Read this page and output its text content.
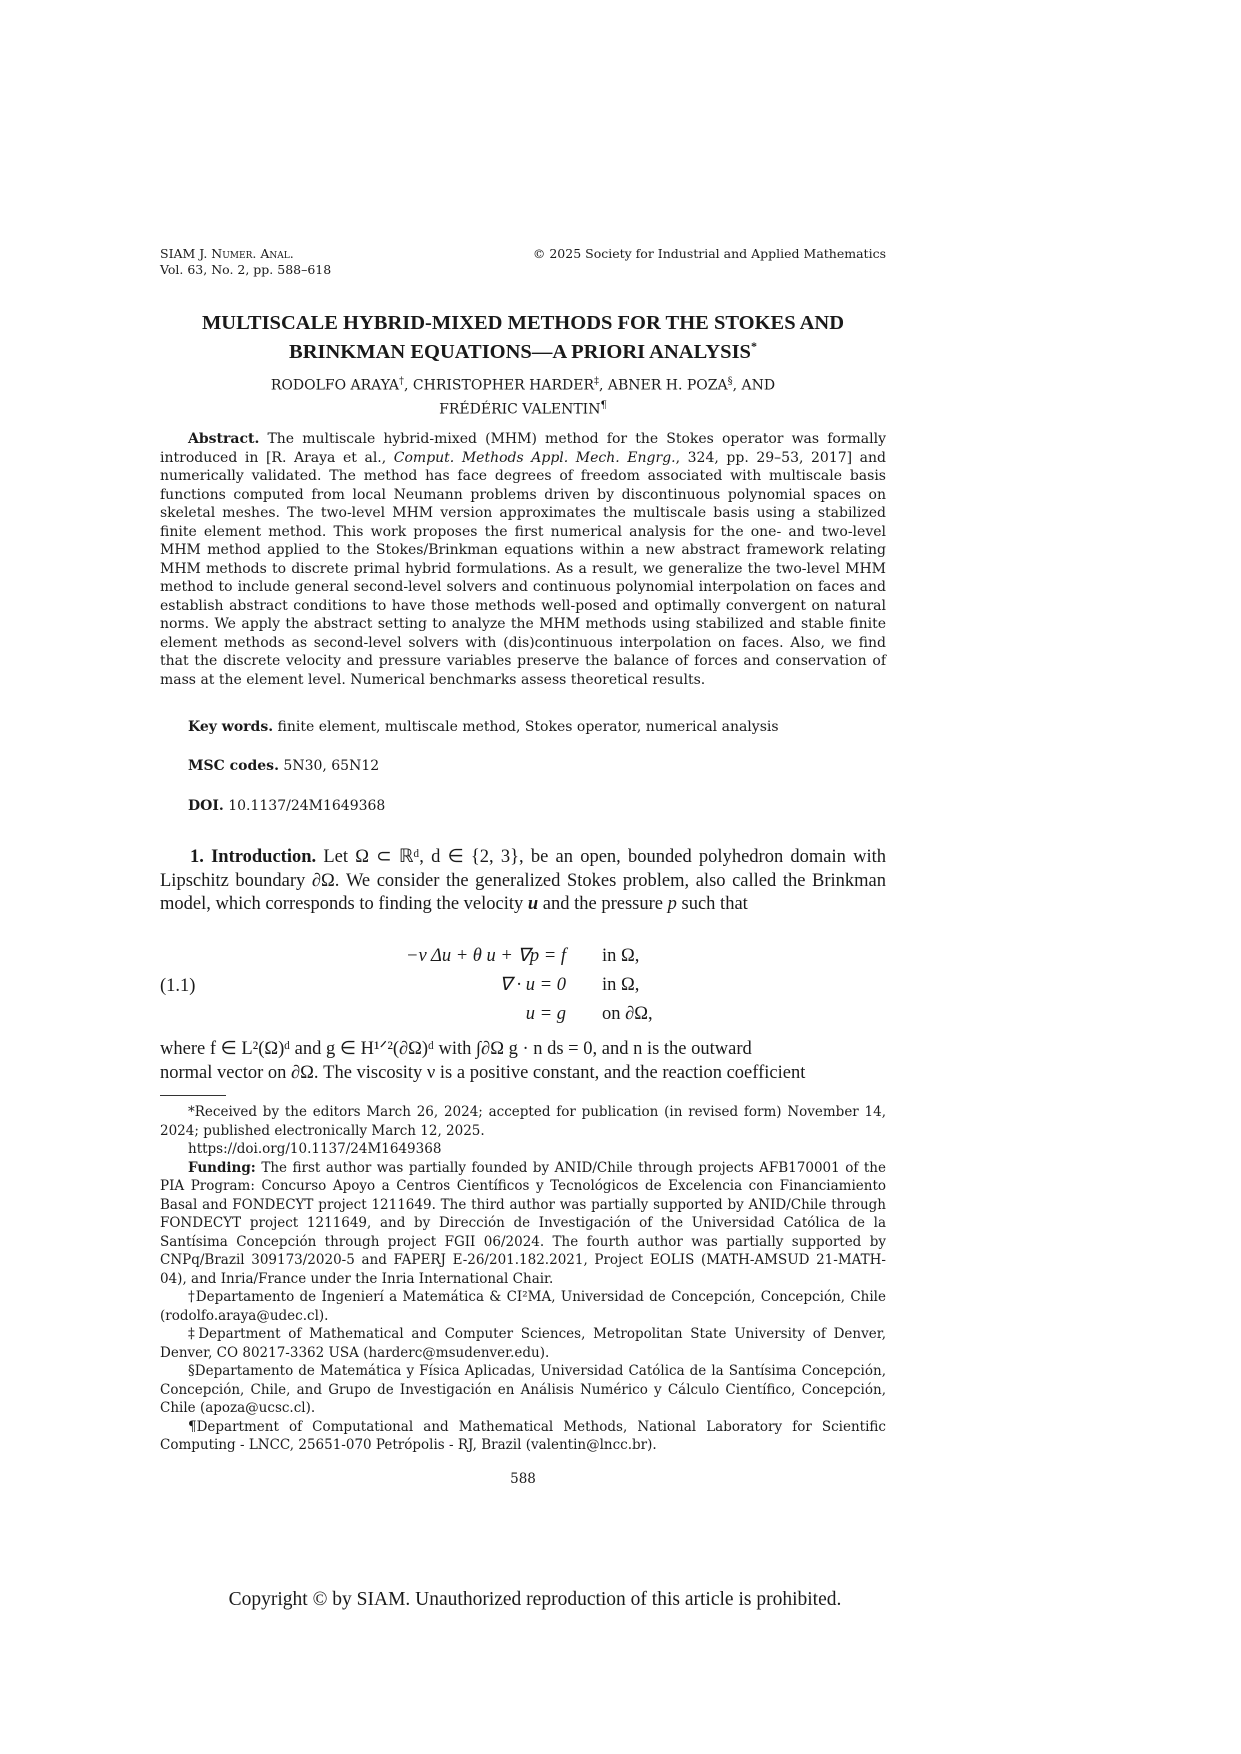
SIAM J. Numer. Anal.
Vol. 63, No. 2, pp. 588–618
© 2025 Society for Industrial and Applied Mathematics
MULTISCALE HYBRID-MIXED METHODS FOR THE STOKES AND
BRINKMAN EQUATIONS—A PRIORI ANALYSIS*
RODOLFO ARAYA†, CHRISTOPHER HARDER‡, ABNER H. POZA§, AND
FRÉDÉRIC VALENTIN¶
Abstract. The multiscale hybrid-mixed (MHM) method for the Stokes operator was formally introduced in [R. Araya et al., Comput. Methods Appl. Mech. Engrg., 324, pp. 29–53, 2017] and numerically validated. The method has face degrees of freedom associated with multiscale basis functions computed from local Neumann problems driven by discontinuous polynomial spaces on skeletal meshes. The two-level MHM version approximates the multiscale basis using a stabilized finite element method. This work proposes the first numerical analysis for the one- and two-level MHM method applied to the Stokes/Brinkman equations within a new abstract framework relating MHM methods to discrete primal hybrid formulations. As a result, we generalize the two-level MHM method to include general second-level solvers and continuous polynomial interpolation on faces and establish abstract conditions to have those methods well-posed and optimally convergent on natural norms. We apply the abstract setting to analyze the MHM methods using stabilized and stable finite element methods as second-level solvers with (dis)continuous interpolation on faces. Also, we find that the discrete velocity and pressure variables preserve the balance of forces and conservation of mass at the element level. Numerical benchmarks assess theoretical results.
Key words. finite element, multiscale method, Stokes operator, numerical analysis
MSC codes. 5N30, 65N12
DOI. 10.1137/24M1649368
1. Introduction. Let Ω ⊂ ℝᵈ, d ∈ {2, 3}, be an open, bounded polyhedron domain with Lipschitz boundary ∂Ω. We consider the generalized Stokes problem, also called the Brinkman model, which corresponds to finding the velocity u and the pressure p such that
(1.1)
−ν Δu + θ u + ∇p = f in Ω,
∇ · u = 0 in Ω,
u = g on ∂Ω,
where f ∈ L²(Ω)ᵈ and g ∈ H¹ᐟ²(∂Ω)ᵈ with ∫∂Ω g · n ds = 0, and n is the outward
normal vector on ∂Ω. The viscosity ν is a positive constant, and the reaction coefficient

*Received by the editors March 26, 2024; accepted for publication (in revised form) November 14, 2024; published electronically March 12, 2025.

https://doi.org/10.1137/24M1649368

Funding: The first author was partially founded by ANID/Chile through projects AFB170001 of the PIA Program: Concurso Apoyo a Centros Científicos y Tecnológicos de Excelencia con Financiamiento Basal and FONDECYT project 1211649. The third author was partially supported by ANID/Chile through FONDECYT project 1211649, and by Dirección de Investigación of the Universidad Católica de la Santísima Concepción through project FGII 06/2024. The fourth author was partially supported by CNPq/Brazil 309173/2020-5 and FAPERJ E-26/201.182.2021, Project EOLIS (MATH-AMSUD 21-MATH-04), and Inria/France under the Inria International Chair.

†Departamento de Ingenierí a Matemática & CI²MA, Universidad de Concepción, Concepción, Chile (rodolfo.araya@udec.cl).

‡Department of Mathematical and Computer Sciences, Metropolitan State University of Denver, Denver, CO 80217-3362 USA (harderc@msudenver.edu).

§Departamento de Matemática y Física Aplicadas, Universidad Católica de la Santísima Concepción, Concepción, Chile, and Grupo de Investigación en Análisis Numérico y Cálculo Científico, Concepción, Chile (apoza@ucsc.cl).

¶Department of Computational and Mathematical Methods, National Laboratory for Scientific Computing - LNCC, 25651-070 Petrópolis - RJ, Brazil (valentin@lncc.br).

588
Copyright © by SIAM. Unauthorized reproduction of this article is prohibited.
